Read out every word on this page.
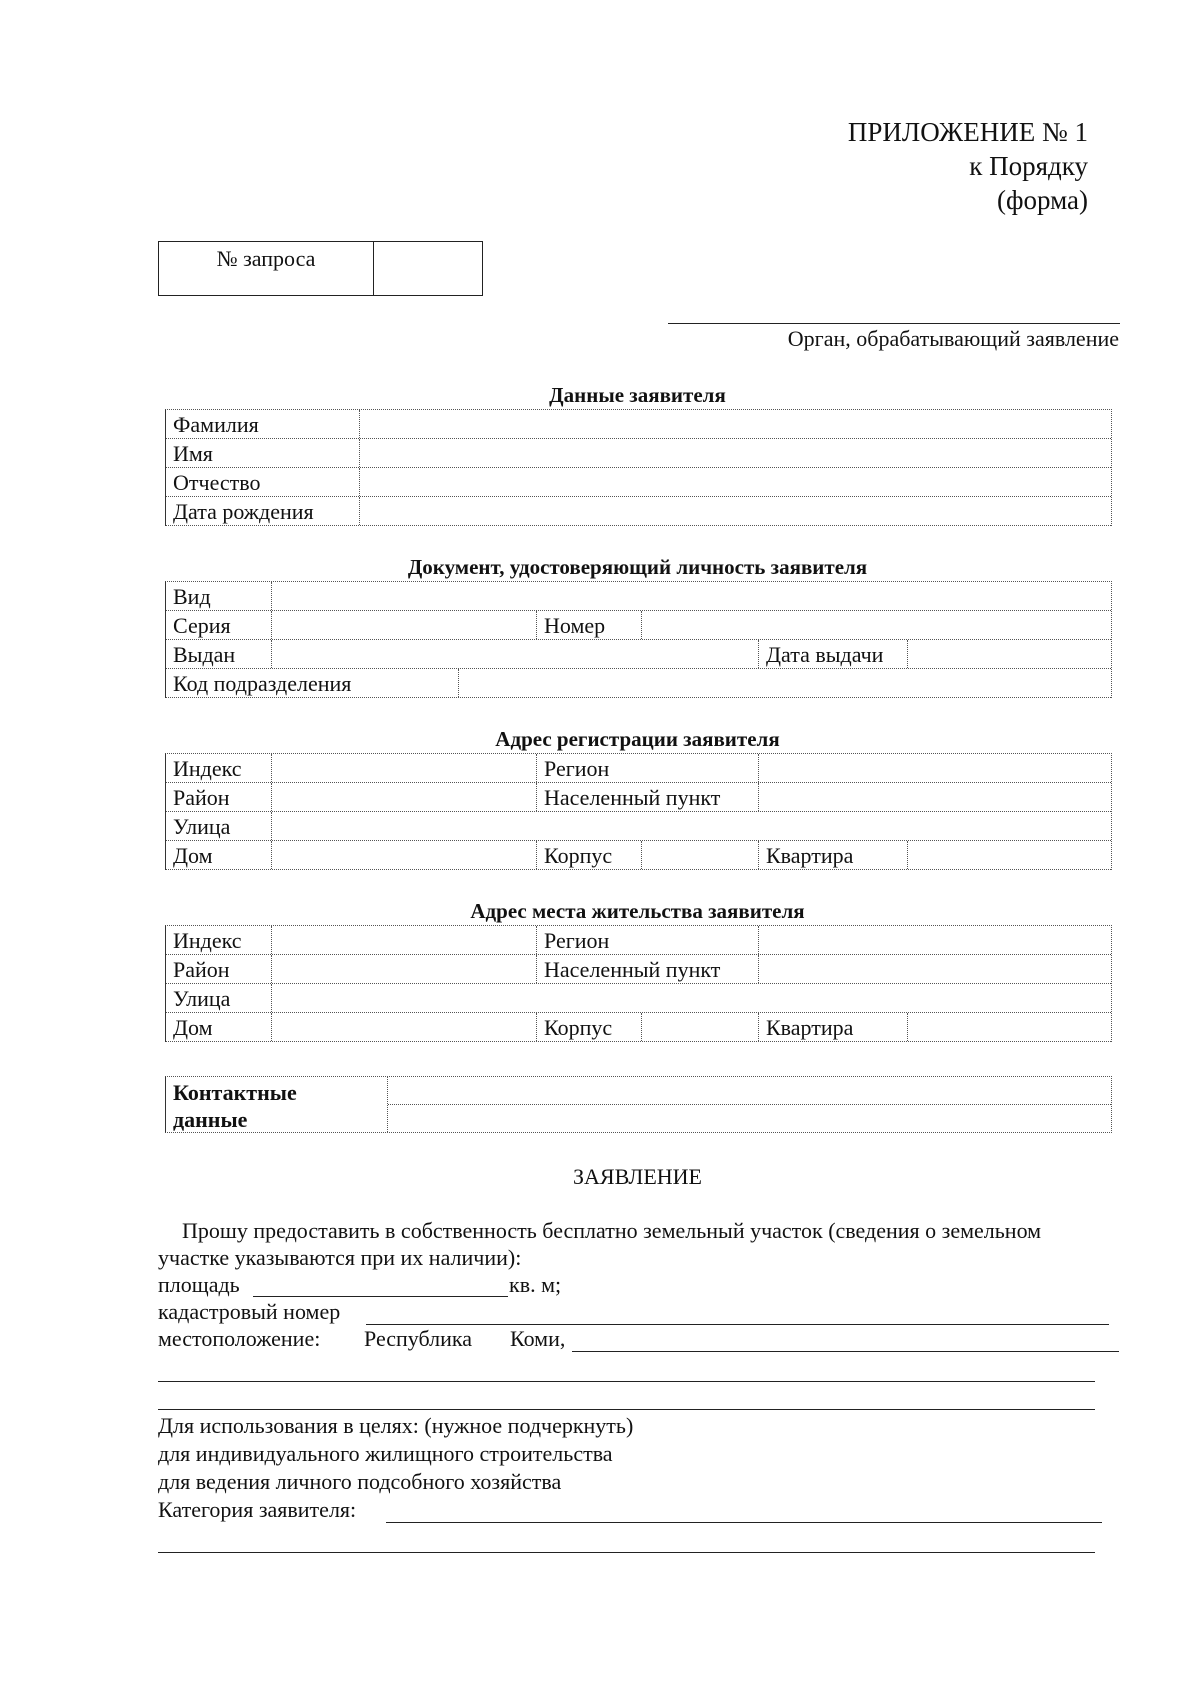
ПРИЛОЖЕНИЕ № 1
к Порядку
(форма)
№ запроса
Орган, обрабатывающий заявление
Данные заявителя
Фамилия
Имя
Отчество
Дата рождения
Документ, удостоверяющий личность заявителя
Вид
Серия	Номер
Выдан	Дата выдачи
Код подразделения
Адрес регистрации заявителя
Индекс	Регион
Район	Населенный пункт
Улица
Дом	Корпус	Квартира
Адрес места жительства заявителя
Индекс	Регион
Район	Населенный пункт
Улица
Дом	Корпус	Квартира
Контактные
данные
ЗАЯВЛЕНИЕ
Прошу предоставить в собственность бесплатно земельный участок (сведения о земельном
участке указываются при их наличии):
площадь	кв. м;
кадастровый номер
местоположение: Республика Коми,
Для использования в целях: (нужное подчеркнуть)
для индивидуального жилищного строительства
для ведения личного подсобного хозяйства
Категория заявителя:
